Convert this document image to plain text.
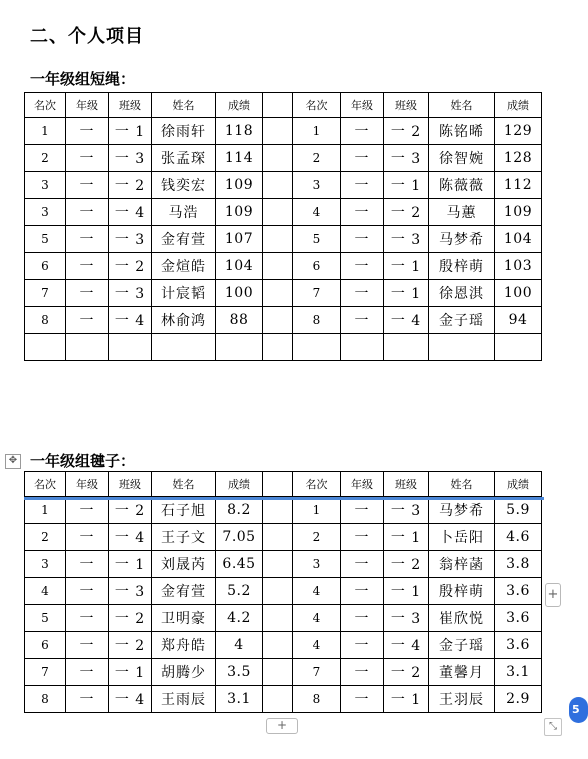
二、个人项目
一年级组短绳：
名次	年级	班级	姓名	成绩		名次	年级	班级	姓名	成绩
1	一	一 1	徐雨轩	118		1	一	一 2	陈铭晞	129
2	一	一 3	张孟琛	114		2	一	一 3	徐智婉	128
3	一	一 2	钱奕宏	109		3	一	一 1	陈薇薇	112
3	一	一 4	马浩	109		4	一	一 2	马蕙	109
5	一	一 3	金宥萱	107		5	一	一 3	马梦希	104
6	一	一 2	金煊皓	104		6	一	一 1	殷梓萌	103
7	一	一 3	计宸韬	100		7	一	一 1	徐恩淇	100
8	一	一 4	林俞鸿	88		8	一	一 4	金子瑶	94

一年级组毽子：
✥
名次	年级	班级	姓名	成绩		名次	年级	班级	姓名	成绩
1	一	一 2	石子旭	8.2		1	一	一 3	马梦希	5.9
2	一	一 4	王子文	7.05		2	一	一 1	卜岳阳	4.6
3	一	一 1	刘晟芮	6.45		3	一	一 2	翁梓菡	3.8
4	一	一 3	金宥萱	5.2		4	一	一 1	殷梓萌	3.6
5	一	一 2	卫明豪	4.2		4	一	一 3	崔欣悦	3.6
6	一	一 2	郑舟皓	4		4	一	一 4	金子瑶	3.6
7	一	一 1	胡腾少	3.5		7	一	一 2	董馨月	3.1
8	一	一 4	王雨辰	3.1		8	一	一 1	王羽辰	2.9
+
+	⤡
5
